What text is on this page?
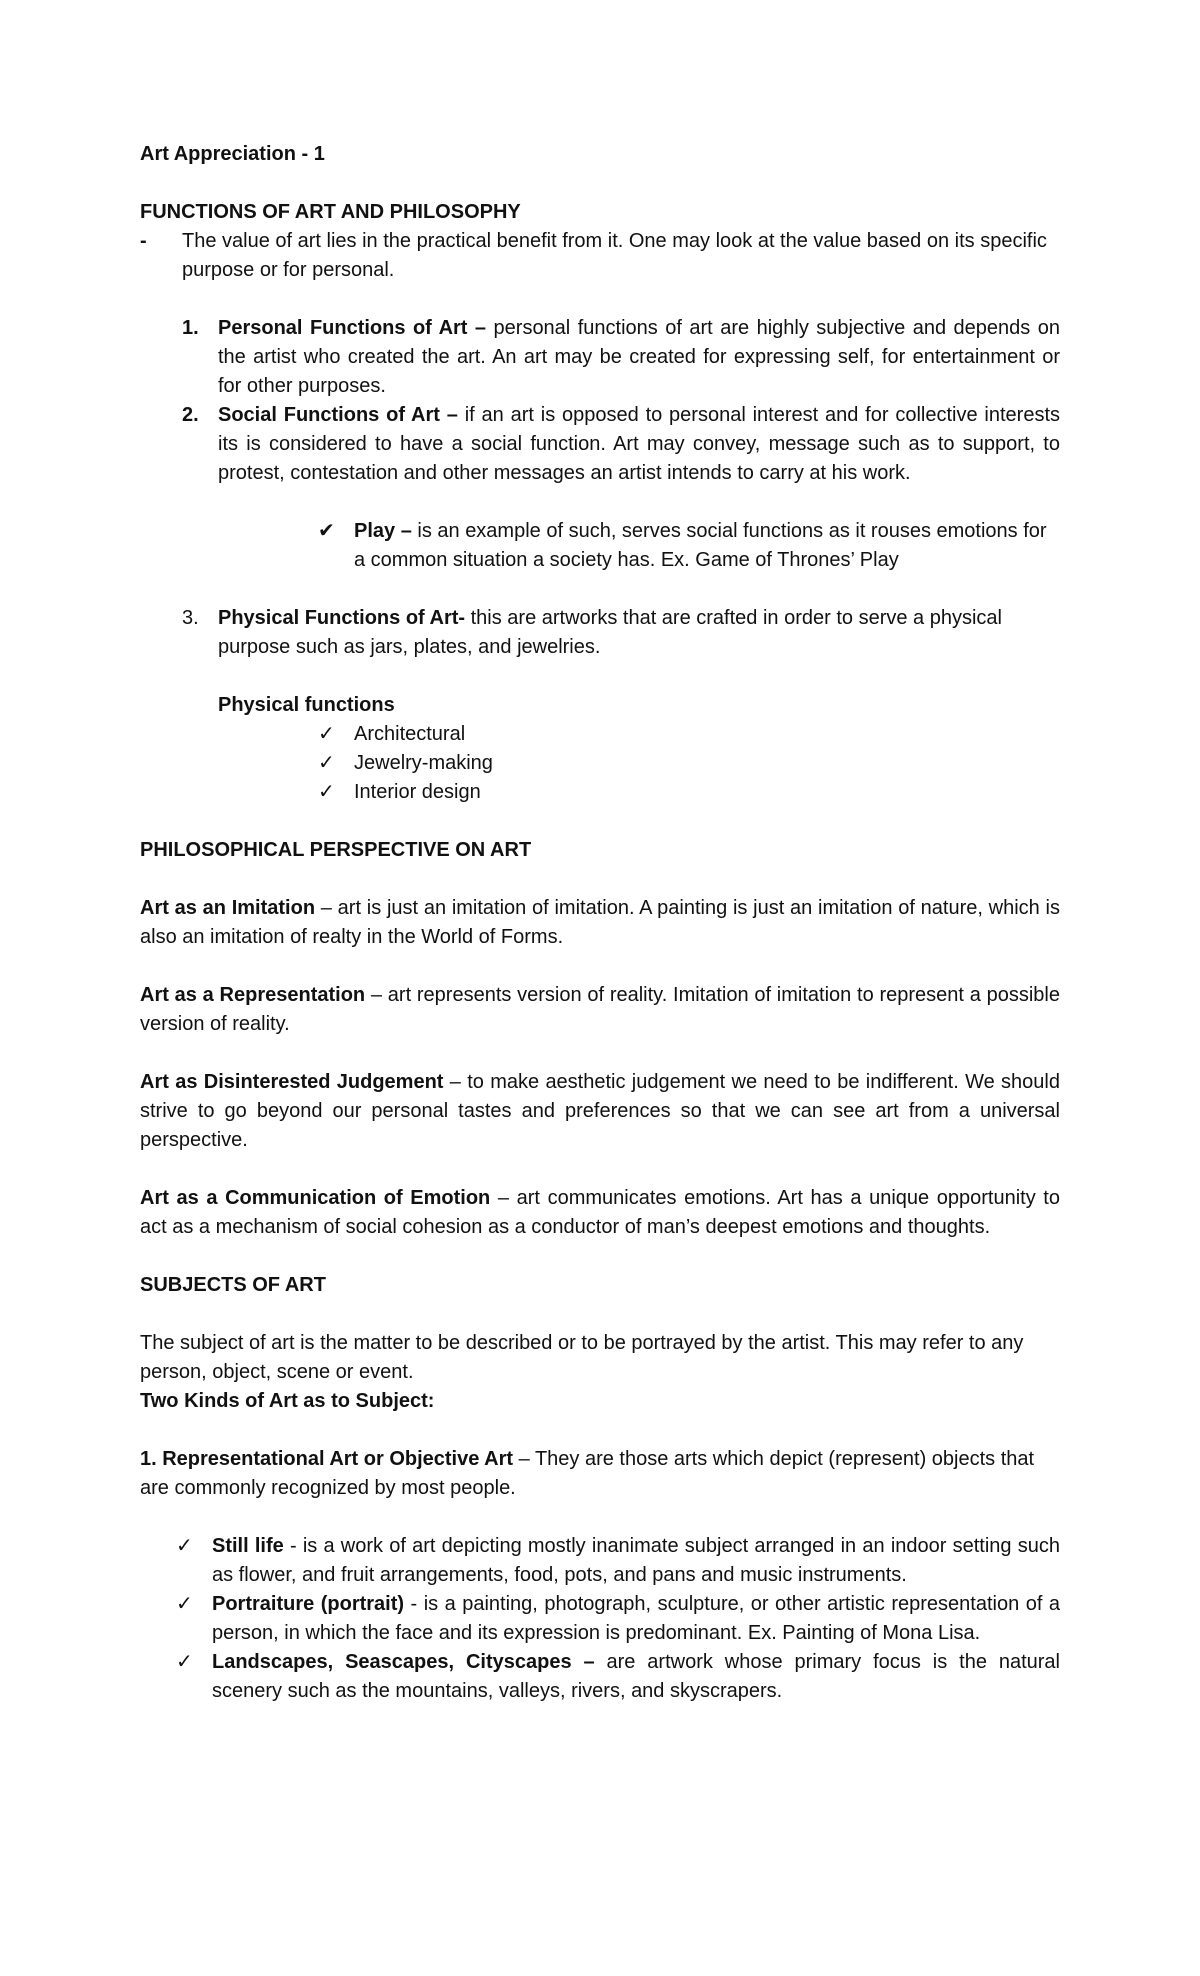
Art Appreciation - 1

FUNCTIONS OF ART AND PHILOSOPHY

-	The value of art lies in the practical benefit from it. One may look at the value based on its specific purpose or for personal.

1. Personal Functions of Art – personal functions of art are highly subjective and depends on the artist who created the art. An art may be created for expressing self, for entertainment or for other purposes.

2. Social Functions of Art – if an art is opposed to personal interest and for collective interests its is considered to have a social function. Art may convey, message such as to support, to protest, contestation and other messages an artist intends to carry at his work.

✔ Play – is an example of such, serves social functions as it rouses emotions for a common situation a society has. Ex. Game of Thrones’ Play

3. Physical Functions of Art- this are artworks that are crafted in order to serve a physical purpose such as jars, plates, and jewelries.

Physical functions

✓ Architectural
✓ Jewelry-making
✓ Interior design

PHILOSOPHICAL PERSPECTIVE ON ART

Art as an Imitation – art is just an imitation of imitation. A painting is just an imitation of nature, which is also an imitation of realty in the World of Forms.

Art as a Representation – art represents version of reality. Imitation of imitation to represent a possible version of reality.

Art as Disinterested Judgement – to make aesthetic judgement we need to be indifferent. We should strive to go beyond our personal tastes and preferences so that we can see art from a universal perspective.

Art as a Communication of Emotion – art communicates emotions. Art has a unique opportunity to act as a mechanism of social cohesion as a conductor of man’s deepest emotions and thoughts.

SUBJECTS OF ART

The subject of art is the matter to be described or to be portrayed by the artist. This may refer to any person, object, scene or event.

Two Kinds of Art as to Subject:

1. Representational Art or Objective Art – They are those arts which depict (represent) objects that are commonly recognized by most people.

✓ Still life - is a work of art depicting mostly inanimate subject arranged in an indoor setting such as flower, and fruit arrangements, food, pots, and pans and music instruments.

✓ Portraiture (portrait) - is a painting, photograph, sculpture, or other artistic representation of a person, in which the face and its expression is predominant. Ex. Painting of Mona Lisa.

✓ Landscapes, Seascapes, Cityscapes – are artwork whose primary focus is the natural scenery such as the mountains, valleys, rivers, and skyscrapers.
